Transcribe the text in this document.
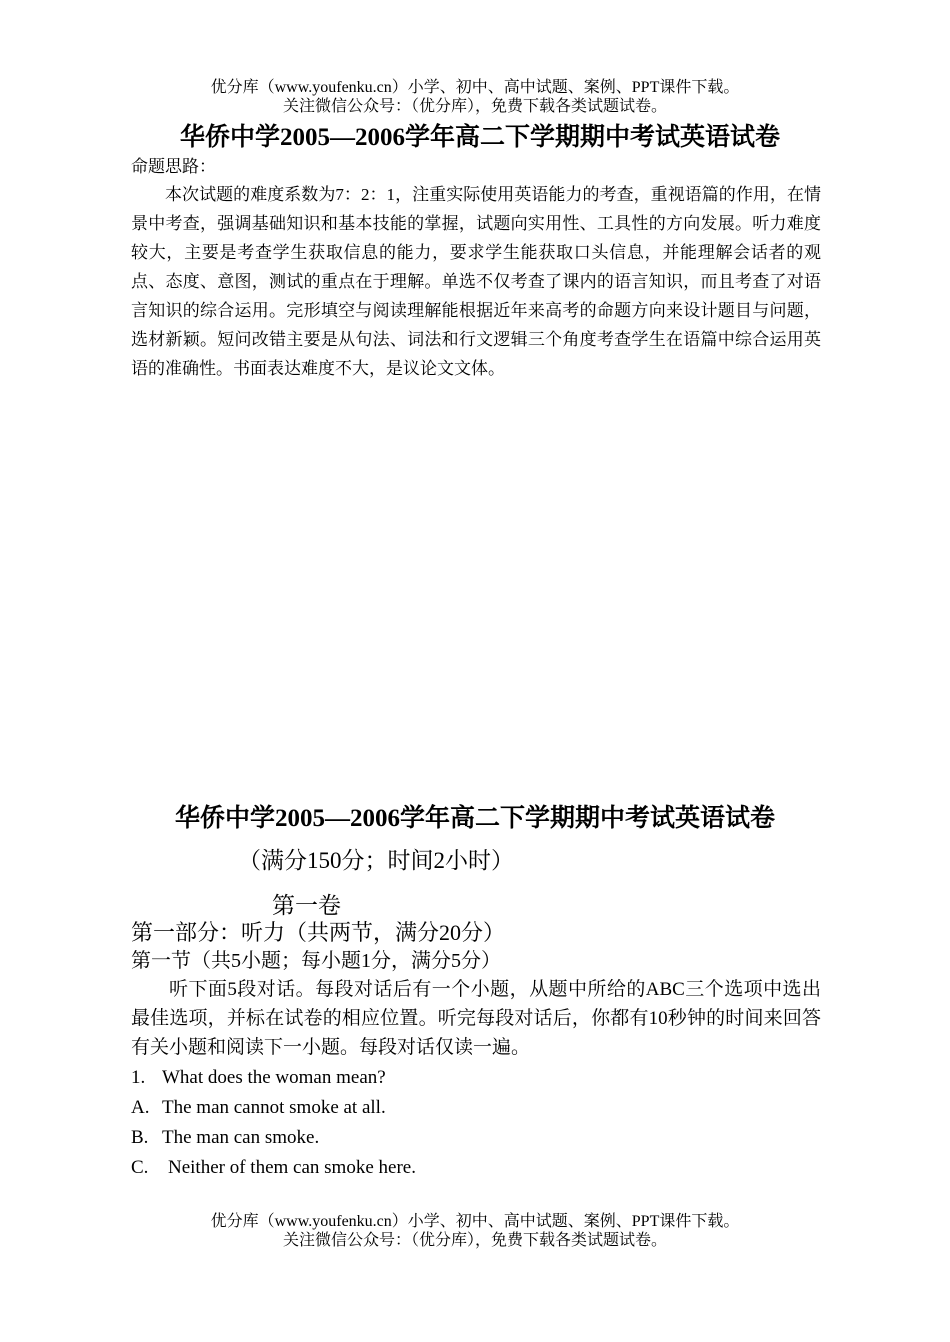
优分库（www.youfenku.cn）小学、初中、高中试题、案例、PPT课件下载。
关注微信公众号：（优分库），免费下载各类试题试卷。
华侨中学2005—2006学年高二下学期期中考试英语试卷
命题思路：
本次试题的难度系数为7：2：1，注重实际使用英语能力的考查，重视语篇的作用，在情景中考查，强调基础知识和基本技能的掌握，试题向实用性、工具性的方向发展。听力难度较大，主要是考查学生获取信息的能力，要求学生能获取口头信息，并能理解会话者的观点、态度、意图，测试的重点在于理解。单选不仅考查了课内的语言知识，而且考查了对语言知识的综合运用。完形填空与阅读理解能根据近年来高考的命题方向来设计题目与问题，选材新颖。短问改错主要是从句法、词法和行文逻辑三个角度考查学生在语篇中综合运用英语的准确性。书面表达难度不大，是议论文文体。
华侨中学2005—2006学年高二下学期期中考试英语试卷
（满分150分；时间2小时）
第一卷
第一部分：听力（共两节，满分20分）
第一节（共5小题；每小题1分，满分5分）
听下面5段对话。每段对话后有一个小题，从题中所给的ABC三个选项中选出最佳选项，并标在试卷的相应位置。听完每段对话后，你都有10秒钟的时间来回答有关小题和阅读下一小题。每段对话仅读一遍。
1. What does the woman mean?
A. The man cannot smoke at all.
B. The man can smoke.
C. Neither of them can smoke here.
优分库（www.youfenku.cn）小学、初中、高中试题、案例、PPT课件下载。
关注微信公众号：（优分库），免费下载各类试题试卷。
